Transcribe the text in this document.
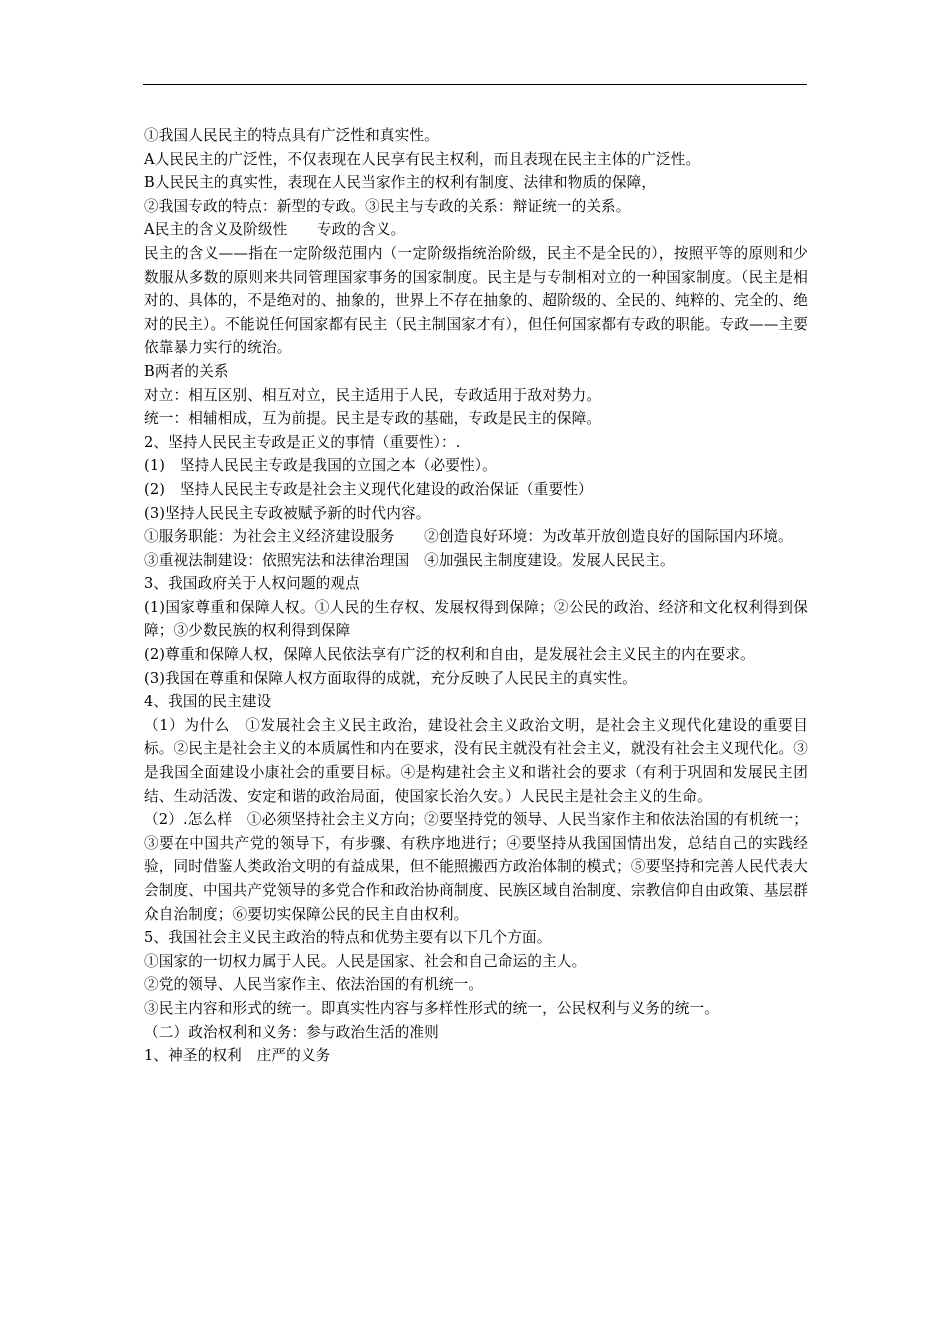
①我国人民民主的特点具有广泛性和真实性。

A人民民主的广泛性，不仅表现在人民享有民主权利，而且表现在民主主体的广泛性。

B人民民主的真实性，表现在人民当家作主的权利有制度、法律和物质的保障，

②我国专政的特点：新型的专政。③民主与专政的关系：辩证统一的关系。

A民主的含义及阶级性　　专政的含义。

民主的含义——指在一定阶级范围内（一定阶级指统治阶级，民主不是全民的），按照平等的原则和少数服从多数的原则来共同管理国家事务的国家制度。民主是与专制相对立的一种国家制度。（民主是相对的、具体的，不是绝对的、抽象的，世界上不存在抽象的、超阶级的、全民的、纯粹的、完全的、绝对的民主）。不能说任何国家都有民主（民主制国家才有），但任何国家都有专政的职能。专政——主要依靠暴力实行的统治。

B两者的关系

对立：相互区别、相互对立，民主适用于人民，专政适用于敌对势力。

统一：相辅相成，互为前提。民主是专政的基础，专政是民主的保障。

2、坚持人民民主专政是正义的事情（重要性）：.

(1)　坚持人民民主专政是我国的立国之本（必要性）。

(2)　坚持人民民主专政是社会主义现代化建设的政治保证（重要性）

(3)坚持人民民主专政被赋予新的时代内容。

①服务职能：为社会主义经济建设服务　　②创造良好环境：为改革开放创造良好的国际国内环境。

③重视法制建设：依照宪法和法律治理国　④加强民主制度建设。发展人民民主。

3、我国政府关于人权问题的观点

(1)国家尊重和保障人权。①人民的生存权、发展权得到保障；②公民的政治、经济和文化权利得到保障；③少数民族的权利得到保障

(2)尊重和保障人权，保障人民依法享有广泛的权利和自由，是发展社会主义民主的内在要求。

(3)我国在尊重和保障人权方面取得的成就，充分反映了人民民主的真实性。

4、我国的民主建设

（1）为什么　①发展社会主义民主政治，建设社会主义政治文明，是社会主义现代化建设的重要目标。②民主是社会主义的本质属性和内在要求，没有民主就没有社会主义，就没有社会主义现代化。③是我国全面建设小康社会的重要目标。④是构建社会主义和谐社会的要求（有利于巩固和发展民主团结、生动活泼、安定和谐的政治局面，使国家长治久安。）人民民主是社会主义的生命。

（2）.怎么样　①必须坚持社会主义方向；②要坚持党的领导、人民当家作主和依法治国的有机统一；③要在中国共产党的领导下，有步骤、有秩序地进行；④要坚持从我国国情出发，总结自己的实践经验，同时借鉴人类政治文明的有益成果，但不能照搬西方政治体制的模式；⑤要坚持和完善人民代表大会制度、中国共产党领导的多党合作和政治协商制度、民族区域自治制度、宗教信仰自由政策、基层群众自治制度；⑥要切实保障公民的民主自由权利。

5、我国社会主义民主政治的特点和优势主要有以下几个方面。

①国家的一切权力属于人民。人民是国家、社会和自己命运的主人。

②党的领导、人民当家作主、依法治国的有机统一。

③民主内容和形式的统一。即真实性内容与多样性形式的统一，公民权利与义务的统一。

（二）政治权利和义务：参与政治生活的准则

1、神圣的权利　庄严的义务
